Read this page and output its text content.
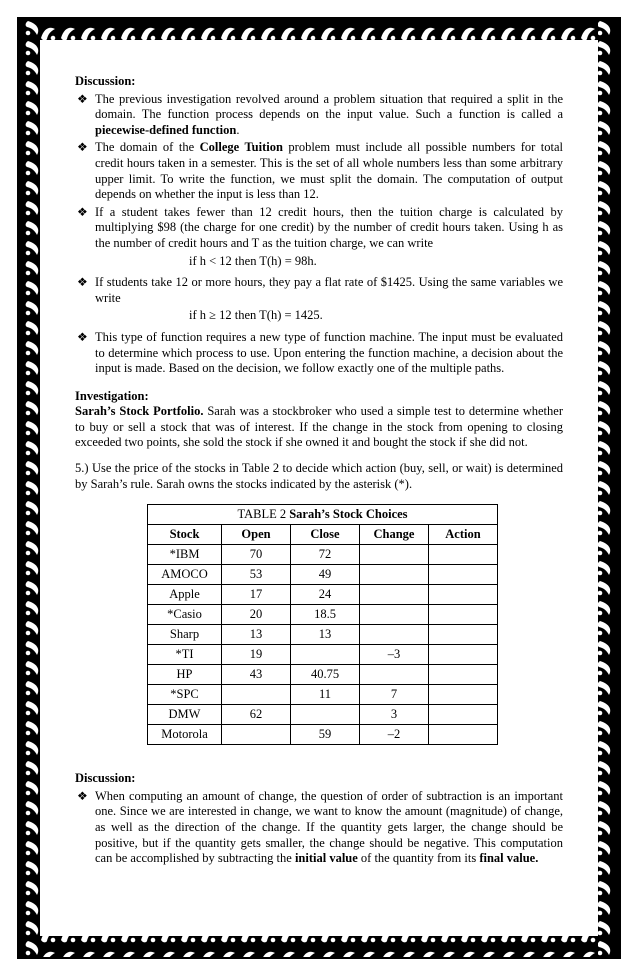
Discussion:

❖ The previous investigation revolved around a problem situation that required a split in the domain. The function process depends on the input value. Such a function is called a piecewise-defined function.
❖ The domain of the College Tuition problem must include all possible numbers for total credit hours taken in a semester. This is the set of all whole numbers less than some arbitrary upper limit. To write the function, we must split the domain. The computation of output depends on whether the input is less than 12.
❖ If a student takes fewer than 12 credit hours, then the tuition charge is calculated by multiplying $98 (the charge for one credit) by the number of credit hours taken. Using h as the number of credit hours and T as the tuition charge, we can write

if h < 12 then T(h) = 98h.

❖ If students take 12 or more hours, they pay a flat rate of $1425. Using the same variables we write

if h ≥ 12 then T(h) = 1425.

❖ This type of function requires a new type of function machine. The input must be evaluated to determine which process to use. Upon entering the function machine, a decision about the input is made. Based on the decision, we follow exactly one of the multiple paths.

Investigation:

Sarah’s Stock Portfolio. Sarah was a stockbroker who used a simple test to determine whether to buy or sell a stock that was of interest. If the change in the stock from opening to closing exceeded two points, she sold the stock if she owned it and bought the stock if she did not.

5.) Use the price of the stocks in Table 2 to decide which action (buy, sell, or wait) is determined by Sarah’s rule. Sarah owns the stocks indicated by the asterisk (*).

TABLE 2 Sarah’s Stock Choices				
Stock	Open	Close	Change	Action
*IBM	70	72		
AMOCO	53	49		
Apple	17	24		
*Casio	20	18.5		
Sharp	13	13		
*TI	19		–3	
HP	43	40.75		
*SPC		11	7	
DMW	62		3	
Motorola		59	–2	

Discussion:

❖ When computing an amount of change, the question of order of subtraction is an important one. Since we are interested in change, we want to know the amount (magnitude) of change, as well as the direction of the change. If the quantity gets larger, the change should be positive, but if the quantity gets smaller, the change should be negative. This computation can be accomplished by subtracting the initial value of the quantity from its final value.
